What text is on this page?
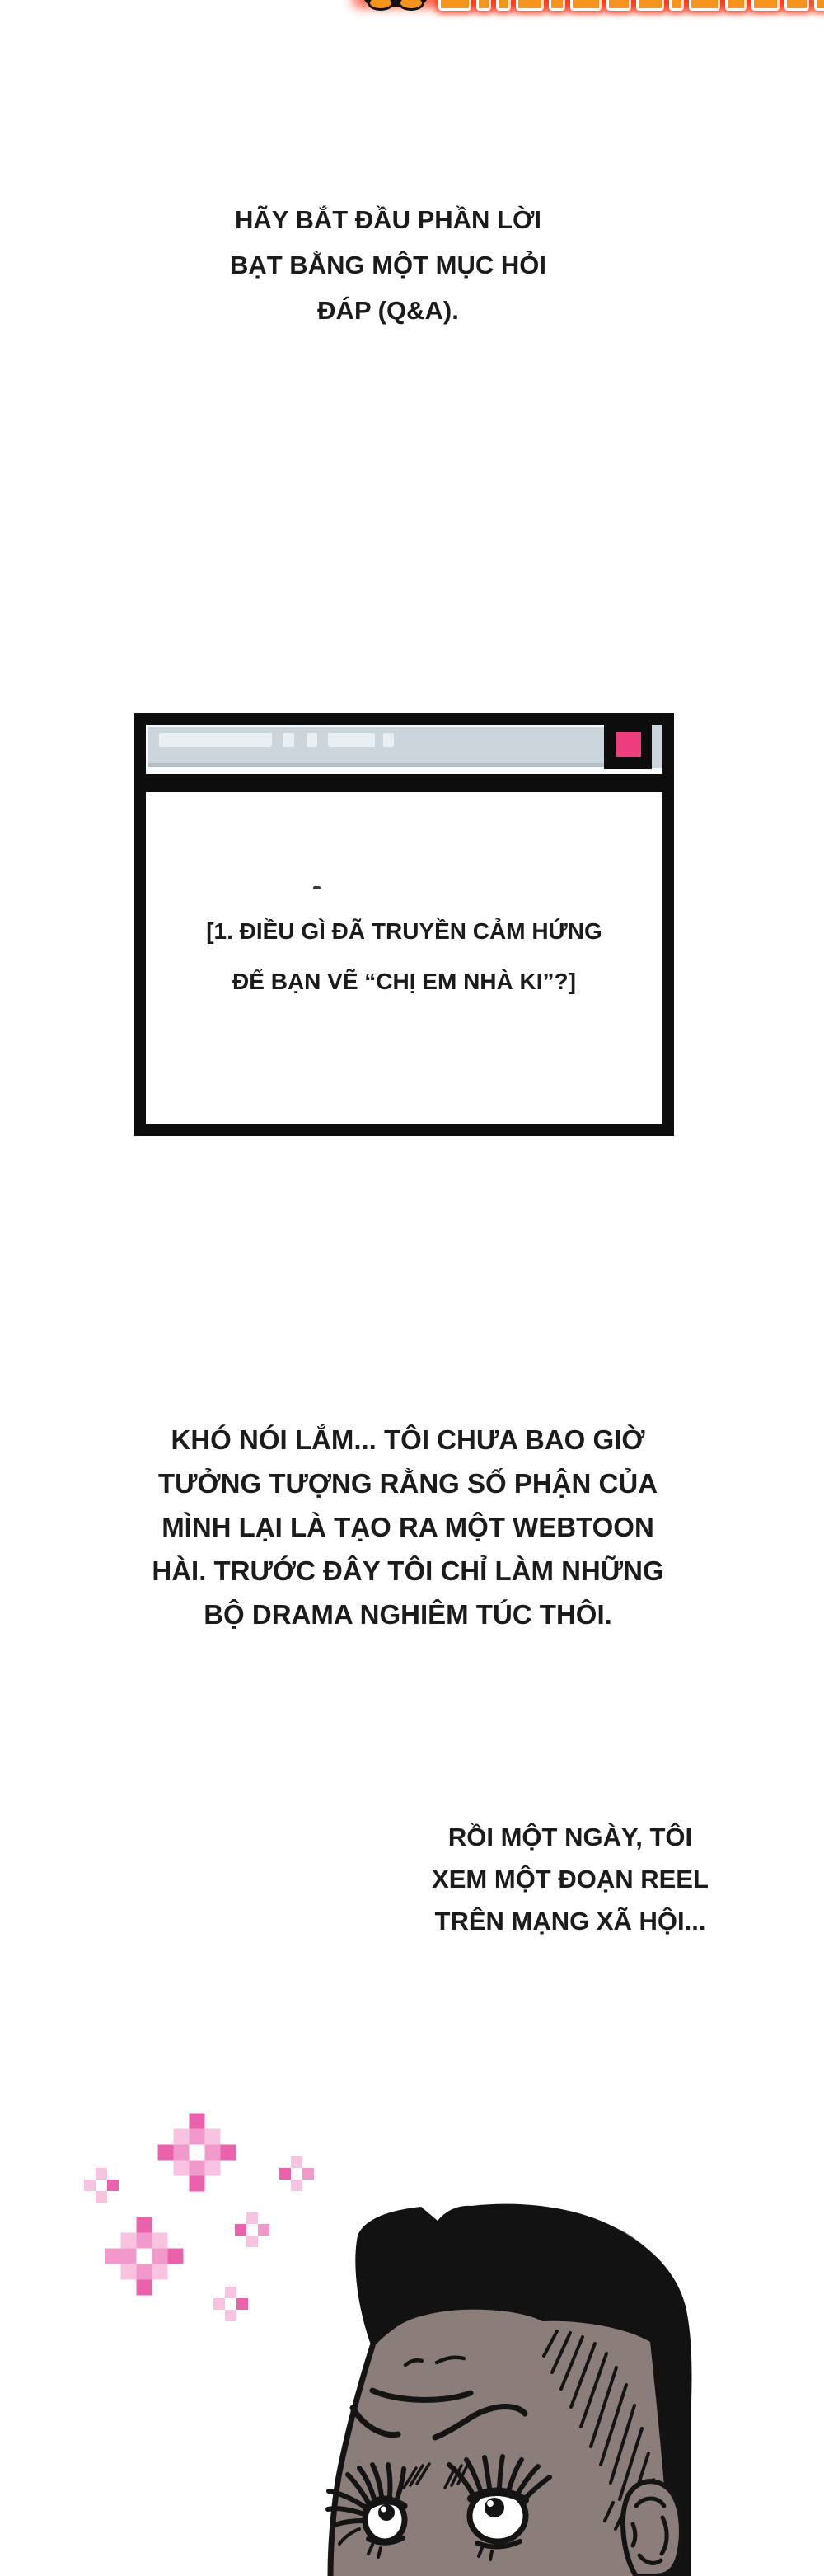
HÃY BẮT ĐẦU PHẦN LỜI
BẠT BẰNG MỘT MỤC HỎI
ĐÁP (Q&A).
[1. ĐIỀU GÌ ĐÃ TRUYỀN CẢM HỨNG
ĐỂ BẠN VẼ “CHỊ EM NHÀ KI”?]
KHÓ NÓI LẮM... TÔI CHƯA BAO GIỜ
TƯỞNG TƯỢNG RẰNG SỐ PHẬN CỦA
MÌNH LẠI LÀ TẠO RA MỘT WEBTOON
HÀI. TRƯỚC ĐÂY TÔI CHỈ LÀM NHỮNG
BỘ DRAMA NGHIÊM TÚC THÔI.
RỒI MỘT NGÀY, TÔI
XEM MỘT ĐOẠN REEL
TRÊN MẠNG XÃ HỘI...
